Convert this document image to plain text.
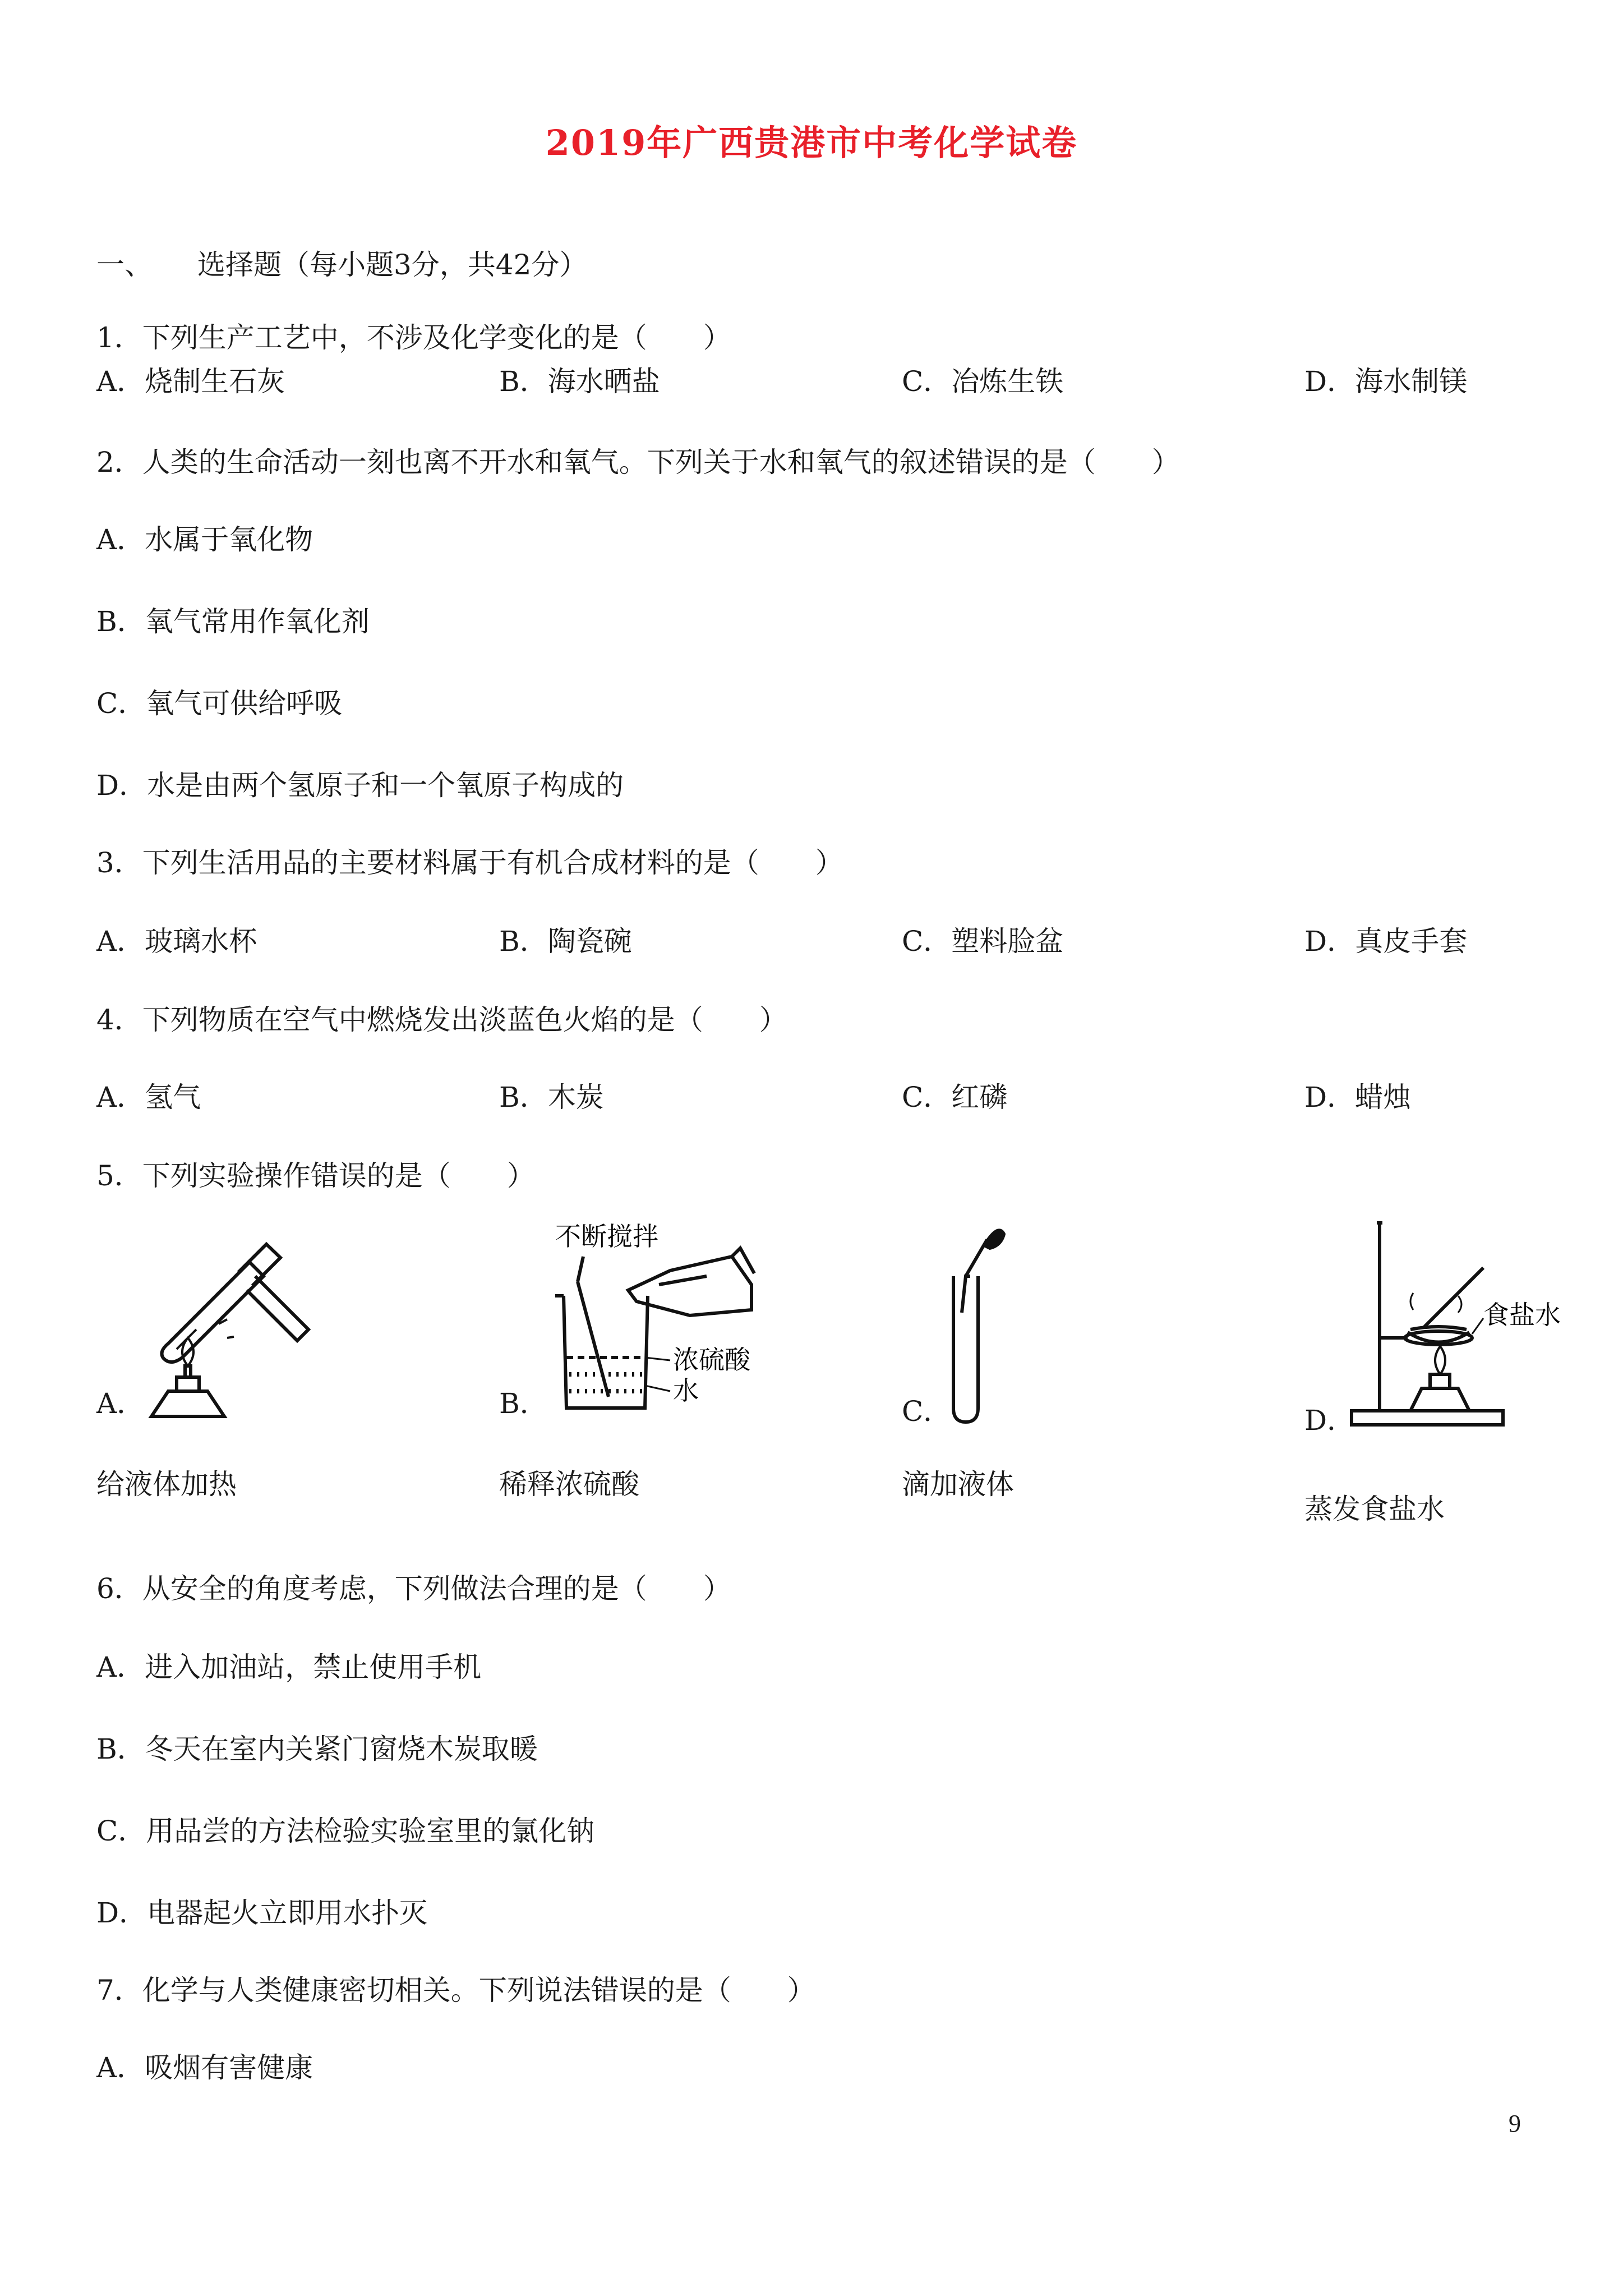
2019年广西贵港市中考化学试卷
一、 选择题（每小题3分，共42分）
1．下列生产工艺中，不涉及化学变化的是（　　）
A．烧制生石灰	B．海水晒盐	C．冶炼生铁	D．海水制镁
2．人类的生命活动一刻也离不开水和氧气。下列关于水和氧气的叙述错误的是（　　）
A．水属于氧化物
B．氧气常用作氧化剂
C．氧气可供给呼吸
D．水是由两个氢原子和一个氧原子构成的
3．下列生活用品的主要材料属于有机合成材料的是（　　）
A．玻璃水杯	B．陶瓷碗	C．塑料脸盆	D．真皮手套
4．下列物质在空气中燃烧发出淡蓝色火焰的是（　　）
A．氢气	B．木炭	C．红磷	D．蜡烛
5．下列实验操作错误的是（　　）
A．
给液体加热
不断搅拌
浓硫酸
水
B．
稀释浓硫酸
C．
滴加液体
食盐水
D．
蒸发食盐水
6．从安全的角度考虑，下列做法合理的是（　　）
A．进入加油站，禁止使用手机
B．冬天在室内关紧门窗烧木炭取暖
C．用品尝的方法检验实验室里的氯化钠
D．电器起火立即用水扑灭
7．化学与人类健康密切相关。下列说法错误的是（　　）
A．吸烟有害健康
9
